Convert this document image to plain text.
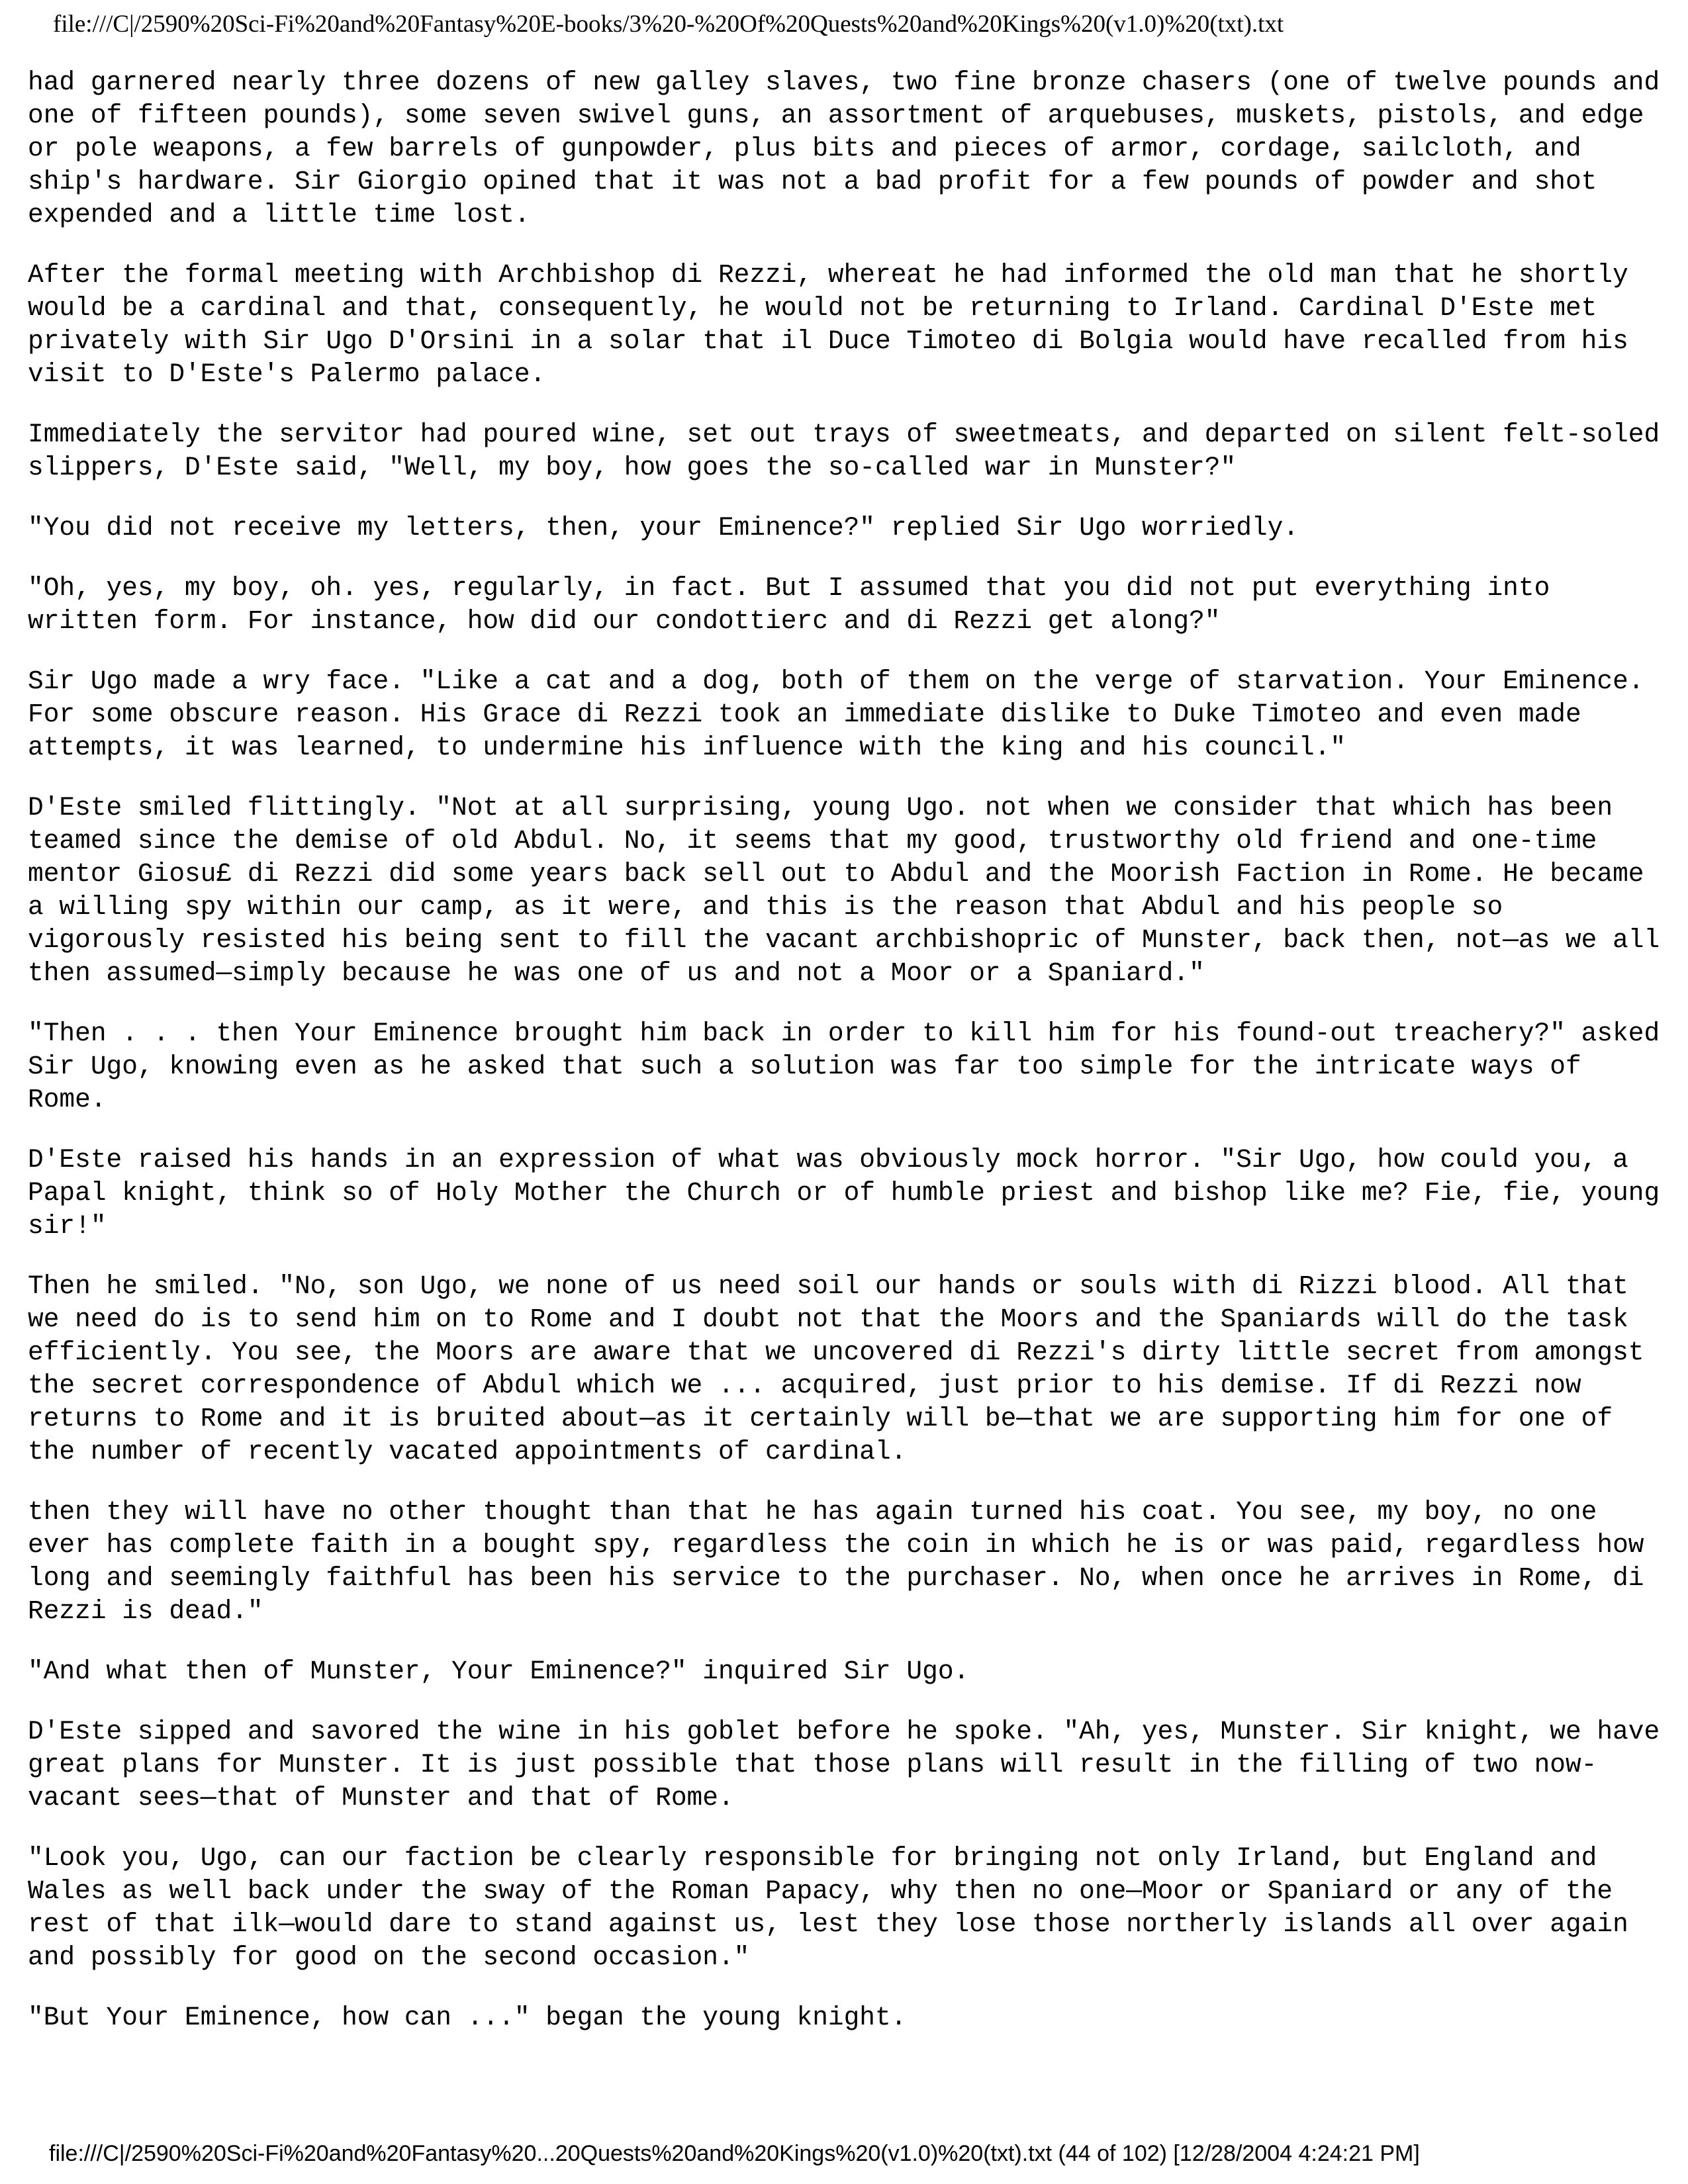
file:///C|/2590%20Sci-Fi%20and%20Fantasy%20E-books/3%20-%20Of%20Quests%20and%20Kings%20(v1.0)%20(txt).txt

had garnered nearly three dozens of new galley slaves, two fine bronze chasers (one of twelve pounds and one of fifteen pounds), some seven swivel guns, an assortment of arquebuses, muskets, pistols, and edge or pole weapons, a few barrels of gunpowder, plus bits and pieces of armor, cordage, sailcloth, and ship's hardware. Sir Giorgio opined that it was not a bad profit for a few pounds of powder and shot expended and a little time lost.

After the formal meeting with Archbishop di Rezzi, whereat he had informed the old man that he shortly would be a cardinal and that, consequently, he would not be returning to Irland. Cardinal D'Este met privately with Sir Ugo D'Orsini in a solar that il Duce Timoteo di Bolgia would have recalled from his visit to D'Este's Palermo palace.

Immediately the servitor had poured wine, set out trays of sweetmeats, and departed on silent felt-soled slippers, D'Este said, "Well, my boy, how goes the so-called war in Munster?"

"You did not receive my letters, then, your Eminence?" replied Sir Ugo worriedly.

"Oh, yes, my boy, oh. yes, regularly, in fact. But I assumed that you did not put everything into written form. For instance, how did our condottierc and di Rezzi get along?"

Sir Ugo made a wry face. "Like a cat and a dog, both of them on the verge of starvation. Your Eminence. For some obscure reason. His Grace di Rezzi took an immediate dislike to Duke Timoteo and even made attempts, it was learned, to undermine his influence with the king and his council."

D'Este smiled flittingly. "Not at all surprising, young Ugo. not when we consider that which has been teamed since the demise of old Abdul. No, it seems that my good, trustworthy old friend and one-time mentor Giosu£ di Rezzi did some years back sell out to Abdul and the Moorish Faction in Rome. He became a willing spy within our camp, as it were, and this is the reason that Abdul and his people so vigorously resisted his being sent to fill the vacant archbishopric of Munster, back then, not—as we all then assumed—simply because he was one of us and not a Moor or a Spaniard."

"Then . . . then Your Eminence brought him back in order to kill him for his found-out treachery?" asked Sir Ugo, knowing even as he asked that such a solution was far too simple for the intricate ways of Rome.

D'Este raised his hands in an expression of what was obviously mock horror. "Sir Ugo, how could you, a Papal knight, think so of Holy Mother the Church or of humble priest and bishop like me? Fie, fie, young sir!"

Then he smiled. "No, son Ugo, we none of us need soil our hands or souls with di Rizzi blood. All that we need do is to send him on to Rome and I doubt not that the Moors and the Spaniards will do the task efficiently. You see, the Moors are aware that we uncovered di Rezzi's dirty little secret from amongst the secret correspondence of Abdul which we ... acquired, just prior to his demise. If di Rezzi now returns to Rome and it is bruited about—as it certainly will be—that we are supporting him for one of the number of recently vacated appointments of cardinal.

then they will have no other thought than that he has again turned his coat. You see, my boy, no one ever has complete faith in a bought spy, regardless the coin in which he is or was paid, regardless how long and seemingly faithful has been his service to the purchaser. No, when once he arrives in Rome, di Rezzi is dead."

"And what then of Munster, Your Eminence?" inquired Sir Ugo.

D'Este sipped and savored the wine in his goblet before he spoke. "Ah, yes, Munster. Sir knight, we have great plans for Munster. It is just possible that those plans will result in the filling of two now-vacant sees—that of Munster and that of Rome.

"Look you, Ugo, can our faction be clearly responsible for bringing not only Irland, but England and Wales as well back under the sway of the Roman Papacy, why then no one—Moor or Spaniard or any of the rest of that ilk—would dare to stand against us, lest they lose those northerly islands all over again and possibly for good on the second occasion."

"But Your Eminence, how can ..." began the young knight.

file:///C|/2590%20Sci-Fi%20and%20Fantasy%20...20Quests%20and%20Kings%20(v1.0)%20(txt).txt (44 of 102) [12/28/2004 4:24:21 PM]
